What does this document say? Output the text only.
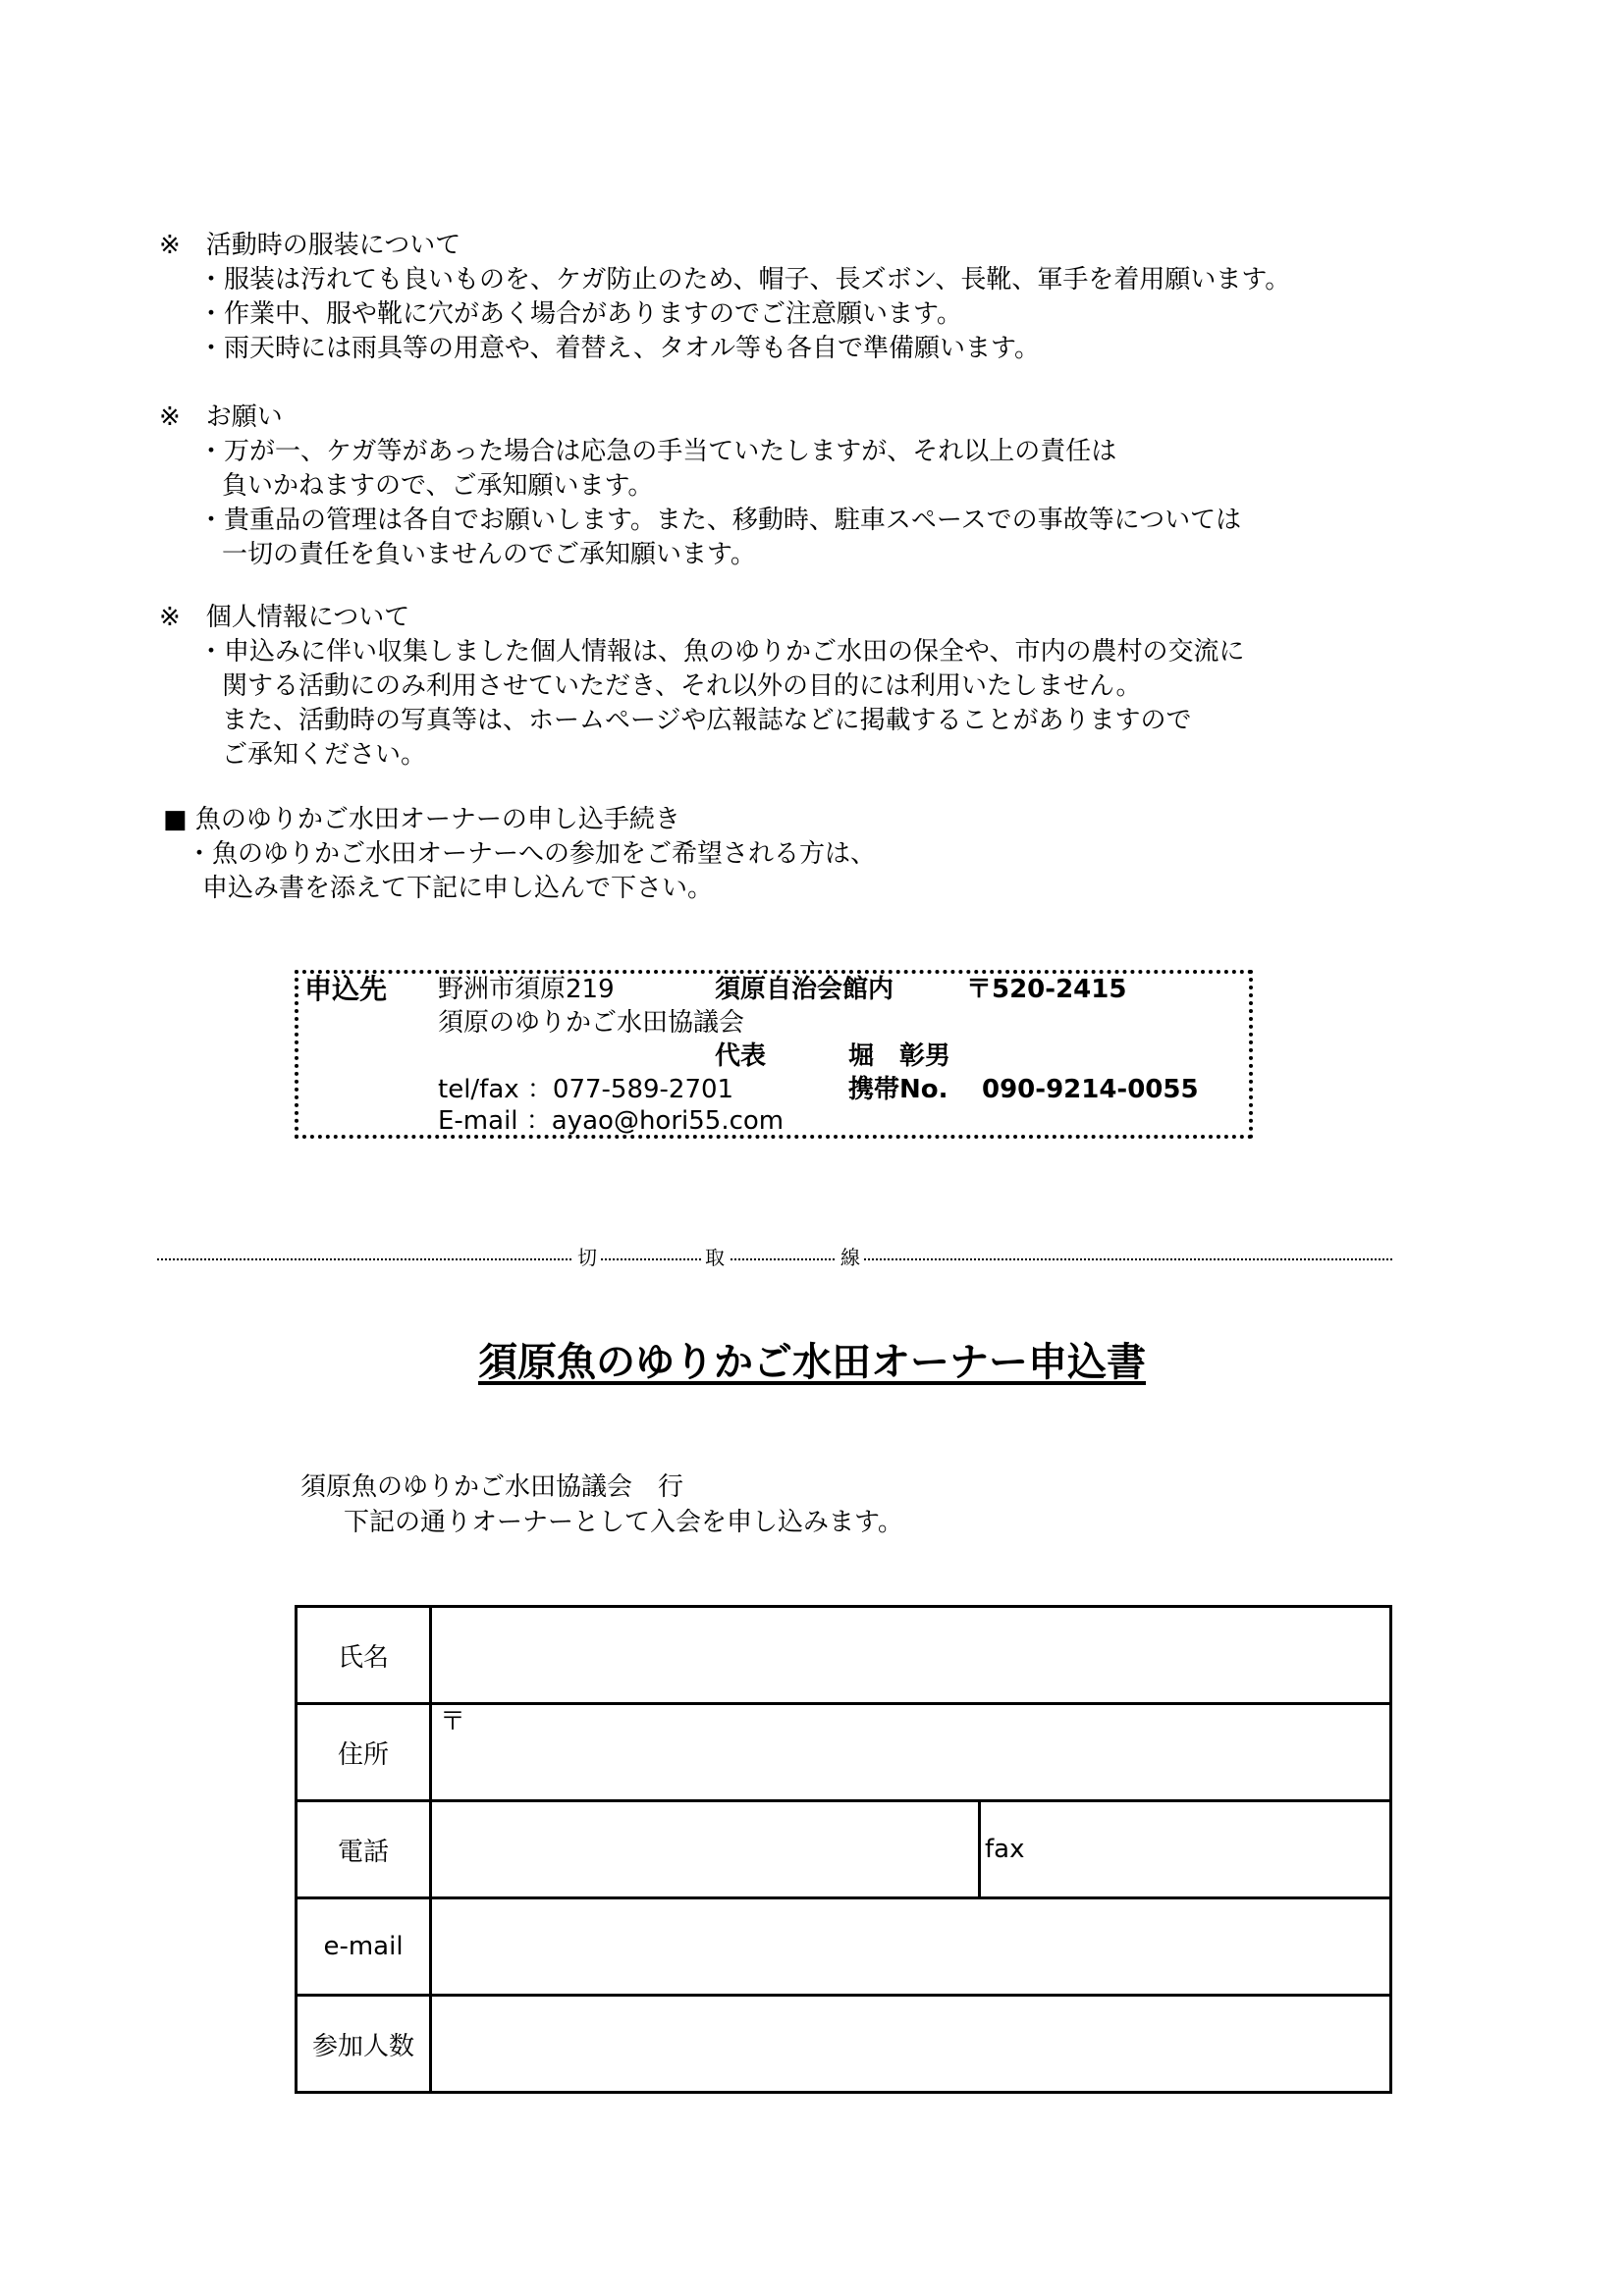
※　活動時の服装について
・服装は汚れても良いものを、ケガ防止のため、帽子、長ズボン、長靴、軍手を着用願います。
・作業中、服や靴に穴があく場合がありますのでご注意願います。
・雨天時には雨具等の用意や、着替え、タオル等も各自で準備願います。
※　お願い
・万が一、ケガ等があった場合は応急の手当ていたしますが、それ以上の責任は
負いかねますので、ご承知願います。
・貴重品の管理は各自でお願いします。また、移動時、駐車スペースでの事故等については
一切の責任を負いませんのでご承知願います。
※　個人情報について
・申込みに伴い収集しました個人情報は、魚のゆりかご水田の保全や、市内の農村の交流に
関する活動にのみ利用させていただき、それ以外の目的には利用いたしません。
また、活動時の写真等は、ホームページや広報誌などに掲載することがありますので
ご承知ください。
■ 魚のゆりかご水田オーナーの申し込手続き
・魚のゆりかご水田オーナーへの参加をご希望される方は、
申込み書を添えて下記に申し込んで下さい。
申込先 野洲市須原219	須原自治会館内	〒520-2415
須原のゆりかご水田協議会
代表	堀　彰男
tel/fax ：077-589-2701	携帯No. 090-9214-0055
E-mail ：ayao@hori55.com
切	取	線
須原魚のゆりかご水田オーナー申込書
須原魚のゆりかご水田協議会　行
下記の通りオーナーとして入会を申し込みます。
氏名	
住所	〒

電話	fax

e-mail	
参加人数	
